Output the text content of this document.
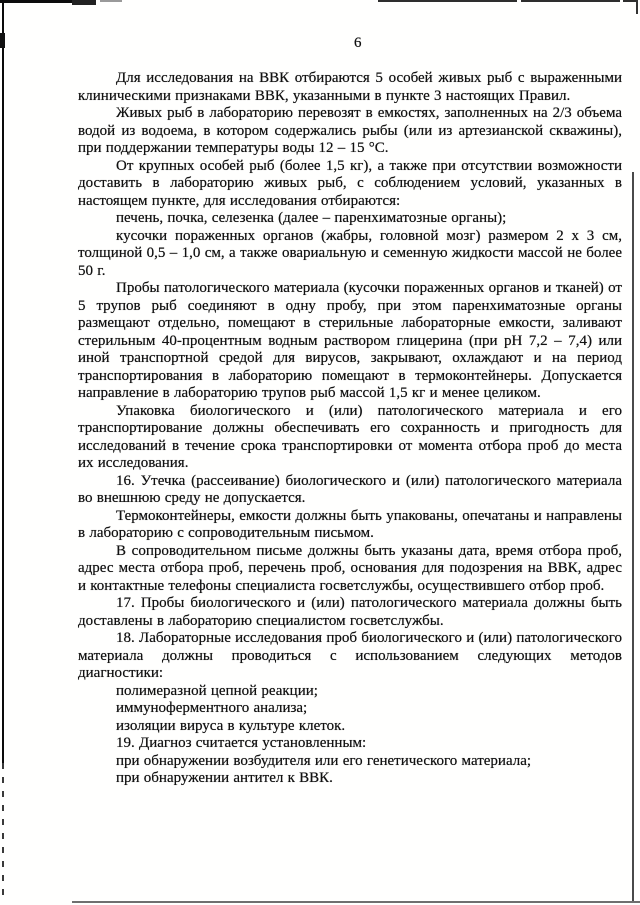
6

Для исследования на ВВК отбираются 5 особей живых рыб с выраженными клиническими признаками ВВК, указанными в пункте 3 настоящих Правил.

Живых рыб в лабораторию перевозят в емкостях, заполненных на 2/3 объема водой из водоема, в котором содержались рыбы (или из артезианской скважины), при поддержании температуры воды 12 – 15 °С.

От крупных особей рыб (более 1,5 кг), а также при отсутствии возможности доставить в лабораторию живых рыб, с соблюдением условий, указанных в настоящем пункте, для исследования отбираются:

печень, почка, селезенка (далее – паренхиматозные органы);

кусочки пораженных органов (жабры, головной мозг) размером 2 х 3 см, толщиной 0,5 – 1,0 см, а также овариальную и семенную жидкости массой не более 50 г.

Пробы патологического материала (кусочки пораженных органов и тканей) от 5 трупов рыб соединяют в одну пробу, при этом паренхиматозные органы размещают отдельно, помещают в стерильные лабораторные емкости, заливают стерильным 40-процентным водным раствором глицерина (при рН 7,2 – 7,4) или иной транспортной средой для вирусов, закрывают, охлаждают и на период транспортирования в лабораторию помещают в термоконтейнеры. Допускается направление в лабораторию трупов рыб массой 1,5 кг и менее целиком.

Упаковка биологического и (или) патологического материала и его транспортирование должны обеспечивать его сохранность и пригодность для исследований в течение срока транспортировки от момента отбора проб до места их исследования.

16. Утечка (рассеивание) биологического и (или) патологического материала во внешнюю среду не допускается.

Термоконтейнеры, емкости должны быть упакованы, опечатаны и направлены в лабораторию с сопроводительным письмом.

В сопроводительном письме должны быть указаны дата, время отбора проб, адрес места отбора проб, перечень проб, основания для подозрения на ВВК, адрес и контактные телефоны специалиста госветслужбы, осуществившего отбор проб.

17. Пробы биологического и (или) патологического материала должны быть доставлены в лабораторию специалистом госветслужбы.

18. Лабораторные исследования проб биологического и (или) патологического материала должны проводиться с использованием следующих методов диагностики:

полимеразной цепной реакции;

иммуноферментного анализа;

изоляции вируса в культуре клеток.

19. Диагноз считается установленным:

при обнаружении возбудителя или его генетического материала;

при обнаружении антител к ВВК.
